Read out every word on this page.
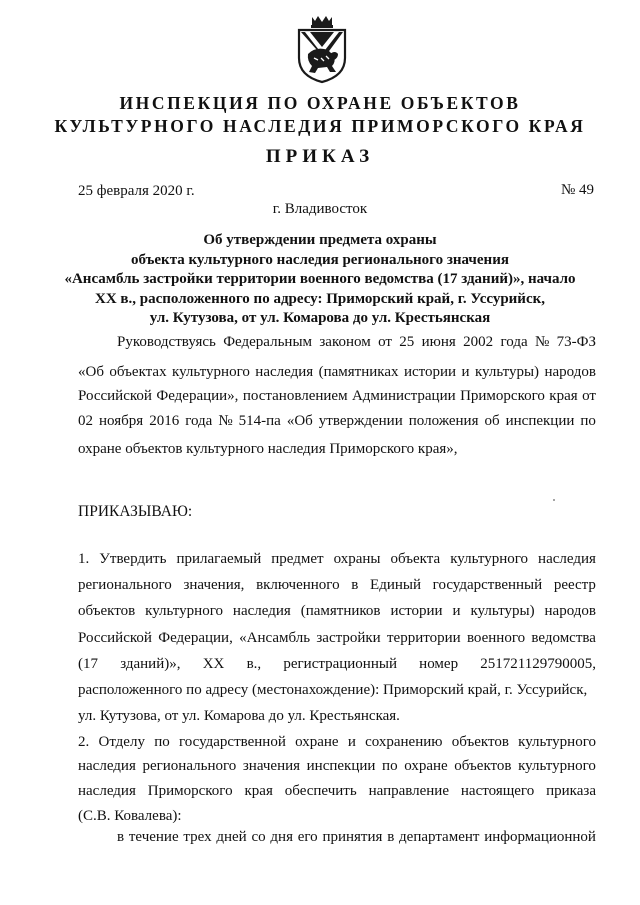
ИНСПЕКЦИЯ ПО ОХРАНЕ ОБЪЕКТОВ
КУЛЬТУРНОГО НАСЛЕДИЯ ПРИМОРСКОГО КРАЯ
ПРИКАЗ
25 февраля 2020 г.	№ 49
г. Владивосток
Об утверждении предмета охраны
объекта культурного наследия регионального значения
«Ансамбль застройки территории военного ведомства (17 зданий)», начало
XX в., расположенного по адресу: Приморский край, г. Уссурийск,
ул. Кутузова, от ул. Комарова до ул. Крестьянская
Руководствуясь Федеральным законом от 25 июня 2002 года № 73-ФЗ
«Об объектах культурного наследия (памятниках истории и культуры) народов
Российской Федерации», постановлением Администрации Приморского края от
02 ноября 2016 года № 514-па «Об утверждении положения об инспекции по
охране объектов культурного наследия Приморского края»,
ПРИКАЗЫВАЮ:
1. Утвердить прилагаемый предмет охраны объекта культурного наследия
регионального значения, включенного в Единый государственный реестр
объектов культурного наследия (памятников истории и культуры) народов
Российской Федерации, «Ансамбль застройки территории военного ведомства
(17 зданий)», XX в., регистрационный номер 251721129790005,
расположенного по адресу (местонахождение): Приморский край, г. Уссурийск,
ул. Кутузова, от ул. Комарова до ул. Крестьянская.
2. Отделу по государственной охране и сохранению объектов культурного
наследия регионального значения инспекции по охране объектов культурного
наследия Приморского края обеспечить направление настоящего приказа
(С.В. Ковалева):
в течение трех дней со дня его принятия в департамент информационной
